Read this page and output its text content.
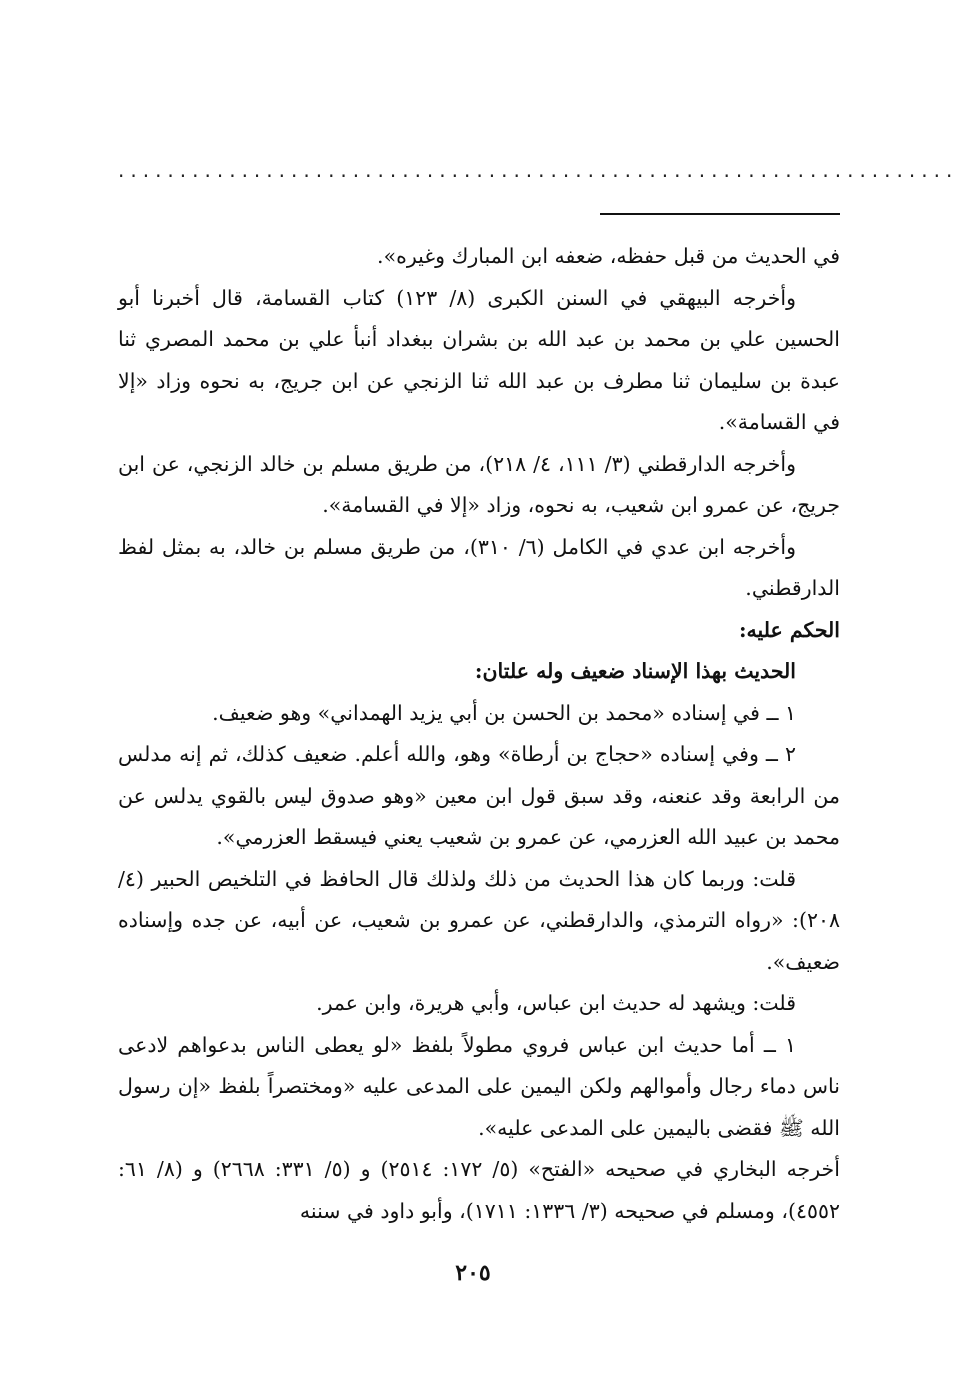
....................................................................

في الحديث من قبل حفظه، ضعفه ابن المبارك وغيره».

وأخرجه البيهقي في السنن الكبرى (٨/ ١٢٣) كتاب القسامة، قال أخبرنا أبو الحسين علي بن محمد بن عبد الله بن بشران ببغداد أنبأ علي بن محمد المصري ثنا عبدة بن سليمان ثنا مطرف بن عبد الله ثنا الزنجي عن ابن جريج، به نحوه وزاد «إلا في القسامة».

وأخرجه الدارقطني (٣/ ١١١، ٤/ ٢١٨)، من طريق مسلم بن خالد الزنجي، عن ابن جريج، عن عمرو ابن شعيب، به نحوه، وزاد «إلا في القسامة».

وأخرجه ابن عدي في الكامل (٦/ ٣١٠)، من طريق مسلم بن خالد، به بمثل لفظ الدارقطني.

الحكم عليه:

الحديث بهذا الإسناد ضعيف وله علتان:

١ ــ في إسناده «محمد بن الحسن بن أبي يزيد الهمداني» وهو ضعيف.

٢ ــ وفي إسناده «حجاج بن أرطاة» وهو، والله أعلم. ضعيف كذلك، ثم إنه مدلس من الرابعة وقد عنعنه، وقد سبق قول ابن معين «وهو صدوق ليس بالقوي يدلس عن محمد بن عبيد الله العزرمي، عن عمرو بن شعيب يعني فيسقط العزرمي».

قلت: وربما كان هذا الحديث من ذلك ولذلك قال الحافظ في التلخيص الحبير (٤/ ٢٠٨): «رواه الترمذي، والدارقطني، عن عمرو بن شعيب، عن أبيه، عن جده وإسناده ضعيف».

قلت: ويشهد له حديث ابن عباس، وأبي هريرة، وابن عمر.

١ ــ أما حديث ابن عباس فروي مطولاً بلفظ «لو يعطى الناس بدعواهم لادعى ناس دماء رجال وأموالهم ولكن اليمين على المدعى عليه «ومختصراً بلفظ «إن رسول الله ﷺ فقضى باليمين على المدعى عليه».

أخرجه البخاري في صحيحه «الفتح» (٥/ ١٧٢: ٢٥١٤) و (٥/ ٣٣١: ٢٦٦٨) و (٨/ ٦١: ٤٥٥٢)، ومسلم في صحيحه (٣/ ١٣٣٦: ١٧١١)، وأبو داود في سننه

٢٠٥
